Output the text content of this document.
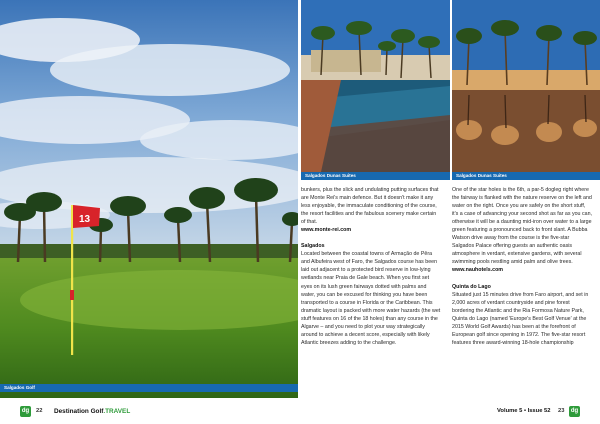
13
Salgados Golf
Salgados Dunas Suites	Salgados Dunas Suites

bunkers, plus the slick and undulating putting surfaces that are Monte Rei's main defence. But it doesn't make it any less enjoyable, the immaculate conditioning of the course, the resort facilities and the fabulous scenery make certain of that.

www.monte-rei.com

Salgados

Located between the coastal towns of Armação de Pêra and Albufeira west of Faro, the Salgados course has been laid out adjacent to a protected bird reserve in low-lying wetlands near Praia de Gale beach. When you first set eyes on its lush green fairways dotted with palms and water, you can be excused for thinking you have been transported to a course in Florida or the Caribbean. This dramatic layout is packed with more water hazards (the wet stuff features on 16 of the 18 holes) than any course in the Algarve – and you need to plot your way strategically around to achieve a decent score, especially with likely Atlantic breezes adding to the challenge.

One of the star holes is the 6th, a par-5 dogleg right where the fairway is flanked with the nature reserve on the left and water on the right. Once you are safely on the short stuff, it's a case of advancing your second shot as far as you can, otherwise it will be a daunting mid-iron over water to a large green featuring a pronounced back to front slant. A Bubba Watson drive away from the course is the five-star Salgados Palace offering guests an authentic oasis atmosphere in verdant, extensive gardens, with several swimming pools nestling amid palm and olive trees.

www.nauhotels.com

Quinta do Lago

Situated just 15 minutes drive from Faro airport, and set in 2,000 acres of verdant countryside and pine forest bordering the Atlantic and the Ria Formosa Nature Park, Quinta do Lago (named 'Europe's Best Golf Venue' at the 2015 World Golf Awards) has been at the forefront of European golf since opening in 1972. The five-star resort features three award-winning 18-hole championship

dg	22 Destination Golf.TRAVEL	Volume 5 • Issue 52 23	dg
